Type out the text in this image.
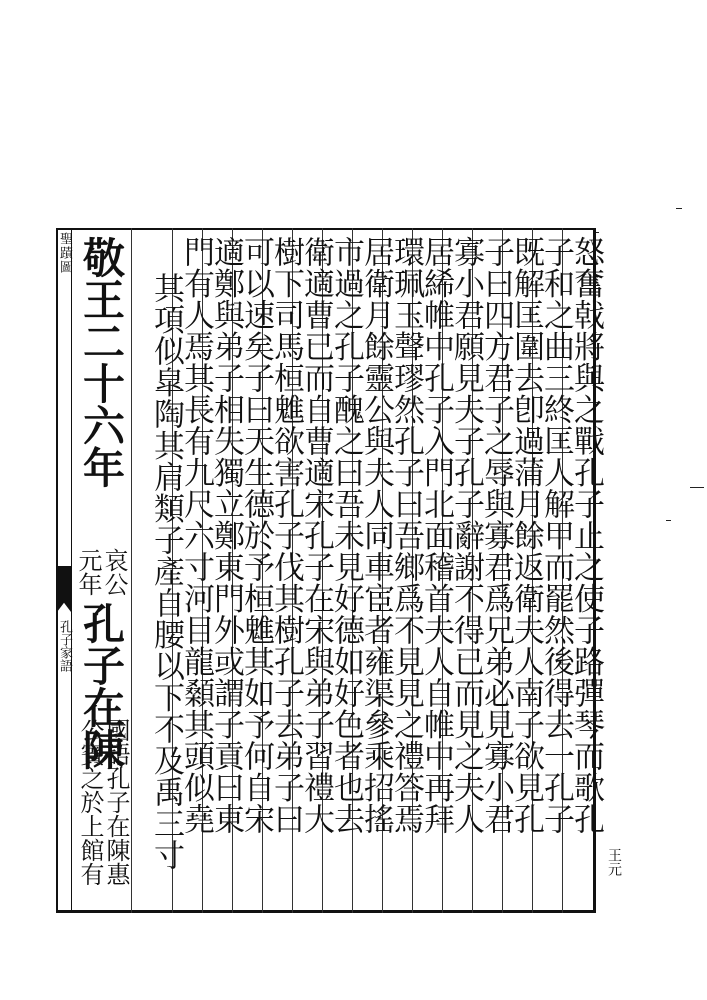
聖蹟圖
孔子家語
敬王二十六年
哀公
元年
孔子在陳
國語孔子在陳惠
公賓之於上館有	怒奮戟將與之戰孔子止之使子路彈琴而歌孔
子和之曲三終匡人解甲而罷然後得去一孔子
既解匡圍去卽過蒲月餘返衛夫人南子欲見孔
子曰四方君子之辱與寡君爲兄弟必見寡小君
寡小君願見夫子孔子辭謝不得已而見之夫人
居絺帷中孔子入門北面稽首夫人自帷中再拜
環珮玉聲璆然孔子曰吾鄉爲不見見之禮答焉
居衛月餘靈公與夫人同車宦者雍渠參乘招搖
市過之孔子醜之曰吾未見好德如好色者也去
衛適曹已而自曹適宋孔子在宋與弟子習禮大
樹下司馬桓魋欲害孔子伐其樹孔子去弟子曰
可以速矣子曰天生德於予桓魋其如予何自宋
適鄭與弟子相失獨立鄭東門外或謂子貢曰東
門有人焉其長有九尺六寸河目龍顙其頭似堯
其項似皐陶其肩類子產自腰以下不及禹三寸	王元
